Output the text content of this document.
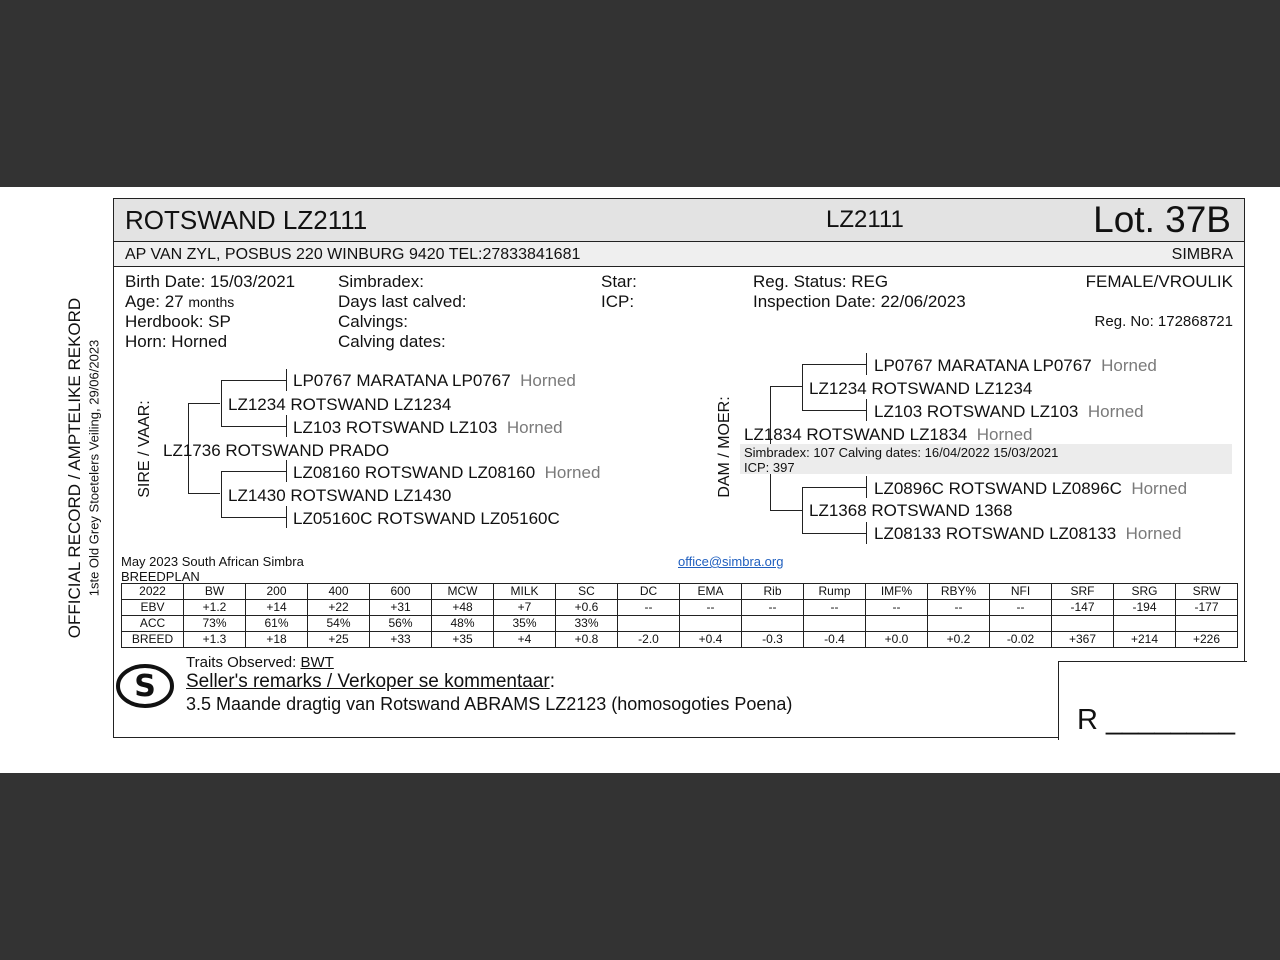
OFFICIAL RECORD / AMPTELIKE REKORD 1ste Old Grey Stoetelers Veiling, 29/06/2023
ROTSWAND LZ2111	LZ2111	Lot. 37B
AP VAN ZYL, POSBUS 220 WINBURG 9420 TEL:27833841681	SIMBRA
Birth Date: 15/03/2021
Age: 27 months
Herdbook: SP
Horn: Horned
Simbradex:
Days last calved:
Calvings:
Calving dates:
Star:
ICP:
Reg. Status: REG
Inspection Date: 22/06/2023
FEMALE/VROULIK
Reg. No: 172868721
SIRE / VAAR:
LP0767 MARATANA LP0767 Horned
LZ1234 ROTSWAND LZ1234
LZ103 ROTSWAND LZ103 Horned
LZ1736 ROTSWAND PRADO
LZ08160 ROTSWAND LZ08160 Horned
LZ1430 ROTSWAND LZ1430
LZ05160C ROTSWAND LZ05160C
DAM / MOER:
LP0767 MARATANA LP0767 Horned
LZ1234 ROTSWAND LZ1234
LZ103 ROTSWAND LZ103 Horned
LZ1834 ROTSWAND LZ1834 Horned
Simbradex: 107 Calving dates: 16/04/2022 15/03/2021
ICP: 397
LZ0896C ROTSWAND LZ0896C Horned
LZ1368 ROTSWAND 1368
LZ08133 ROTSWAND LZ08133 Horned
May 2023 South African Simbra
BREEDPLAN
office@simbra.org
2022	BW	200	400	600	MCW	MILK	SC	DC	EMA	Rib	Rump	IMF%	RBY%	NFI	SRF	SRG	SRW
EBV	+1.2	+14	+22	+31	+48	+7	+0.6	--	--	--	--	--	--	--	-147	-194	-177
ACC	73%	61%	54%	56%	48%	35%	33%										
BREED	+1.3	+18	+25	+33	+35	+4	+0.8	-2.0	+0.4	-0.3	-0.4	+0.0	+0.2	-0.02	+367	+214	+226
S
Traits Observed: BWT
Seller's remarks / Verkoper se kommentaar:
3.5 Maande dragtig van Rotswand ABRAMS LZ2123 (homosogoties Poena)	R ________
